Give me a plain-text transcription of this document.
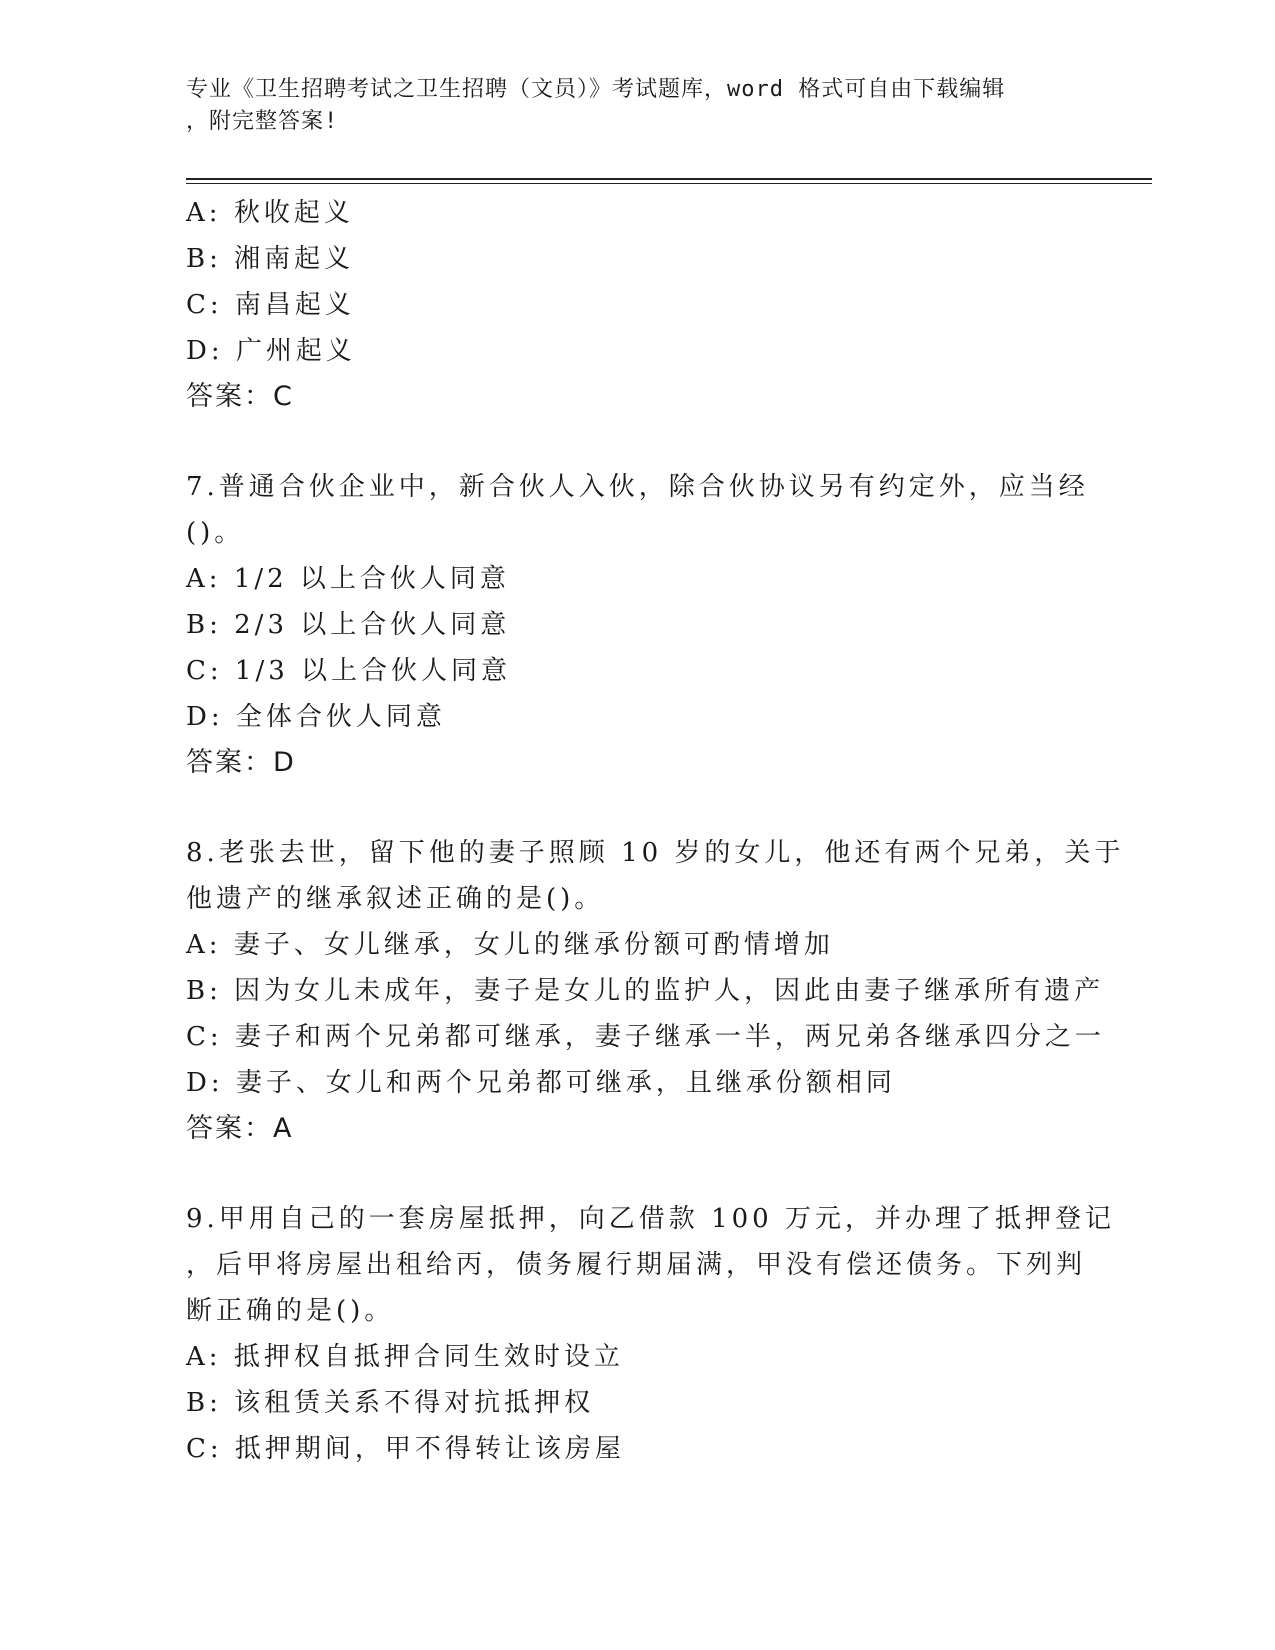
专业《卫生招聘考试之卫生招聘（文员）》考试题库，word 格式可自由下载编辑
，附完整答案!
A: 秋收起义
B: 湘南起义
C: 南昌起义
D: 广州起义
答案：C
7.普通合伙企业中，新合伙人入伙，除合伙协议另有约定外，应当经
()。
A: 1/2 以上合伙人同意
B: 2/3 以上合伙人同意
C: 1/3 以上合伙人同意
D: 全体合伙人同意
答案：D
8.老张去世，留下他的妻子照顾 10 岁的女儿，他还有两个兄弟，关于
他遗产的继承叙述正确的是()。
A: 妻子、女儿继承，女儿的继承份额可酌情增加
B: 因为女儿未成年，妻子是女儿的监护人，因此由妻子继承所有遗产
C: 妻子和两个兄弟都可继承，妻子继承一半，两兄弟各继承四分之一
D: 妻子、女儿和两个兄弟都可继承，且继承份额相同
答案：A
9.甲用自己的一套房屋抵押，向乙借款 100 万元，并办理了抵押登记
，后甲将房屋出租给丙，债务履行期届满，甲没有偿还债务。下列判
断正确的是()。
A: 抵押权自抵押合同生效时设立
B: 该租赁关系不得对抗抵押权
C: 抵押期间，甲不得转让该房屋
